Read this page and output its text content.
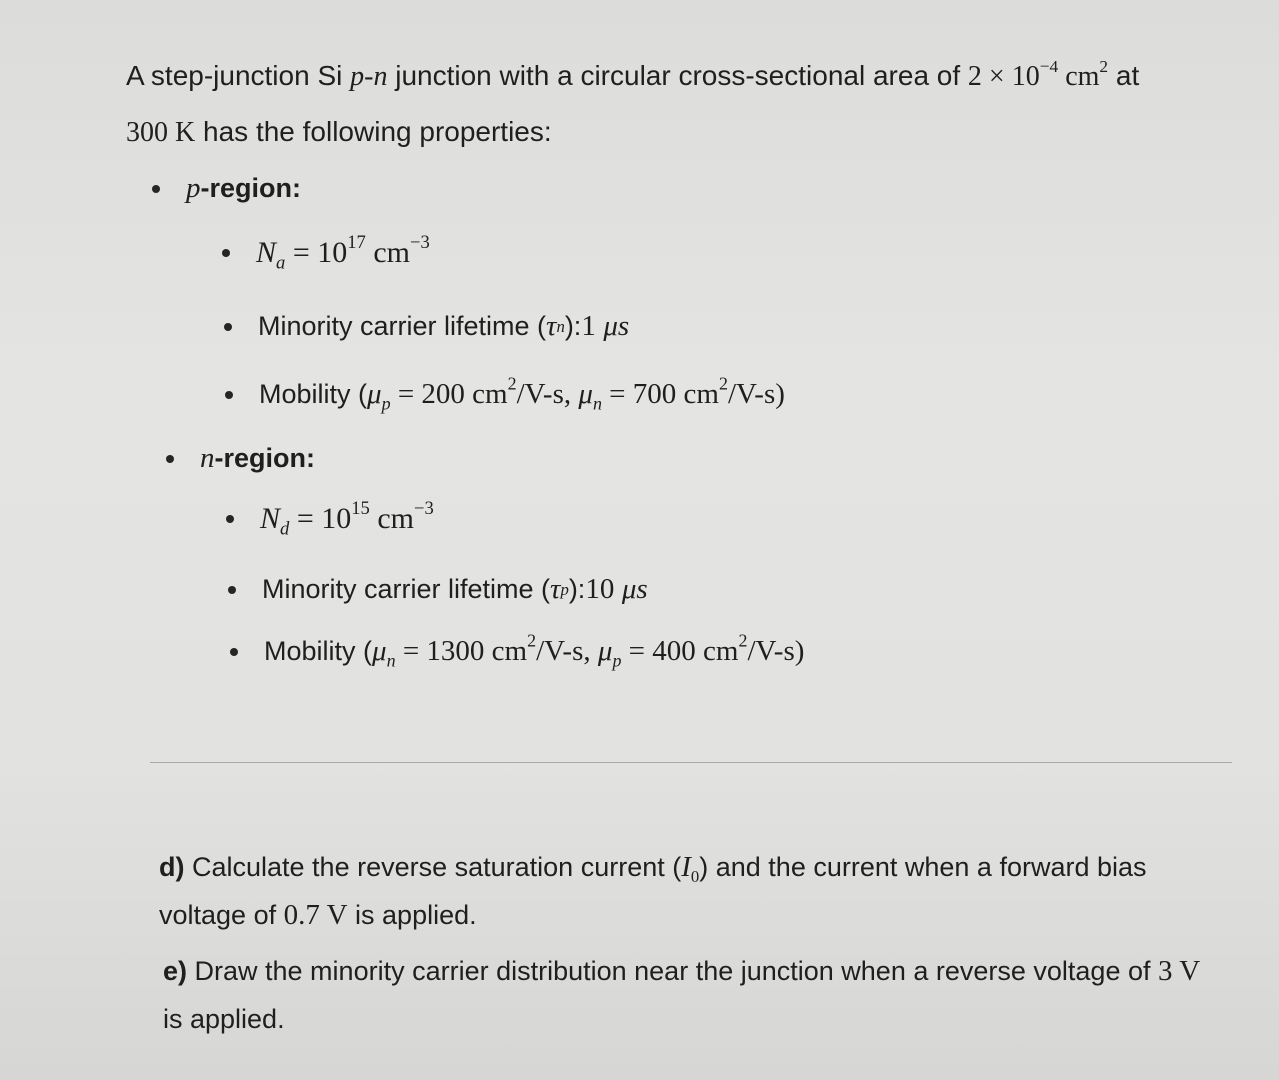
A step-junction Si p-n junction with a circular cross-sectional area of $2 \times 10^{-4}$ $cm^2$ at
300 K has the following properties:
p -region:
$N_a = 10^{17}$ $cm^{-3}$
Minority carrier lifetime ( τ n ): 1
μs
Mobility ( $\mu_p = 200$ $cm^2/V-s$, $\mu_n = 700$ $cm^2/V-s$)
n -region:
$N_d = 10^{15}$ $cm^{-3}$
Minority carrier lifetime ( τ p ): 10
μs
Mobility ( $\mu_n = 1300$ $cm^2/V-s$, $\mu_p = 400$ $cm^2/V-s$)
d) Calculate the reverse saturation current $(I_0)$ and the current when a forward bias
voltage of 0.7 V is applied.
e) Draw the minority carrier distribution near the junction when a reverse voltage of 3 V
is applied.
